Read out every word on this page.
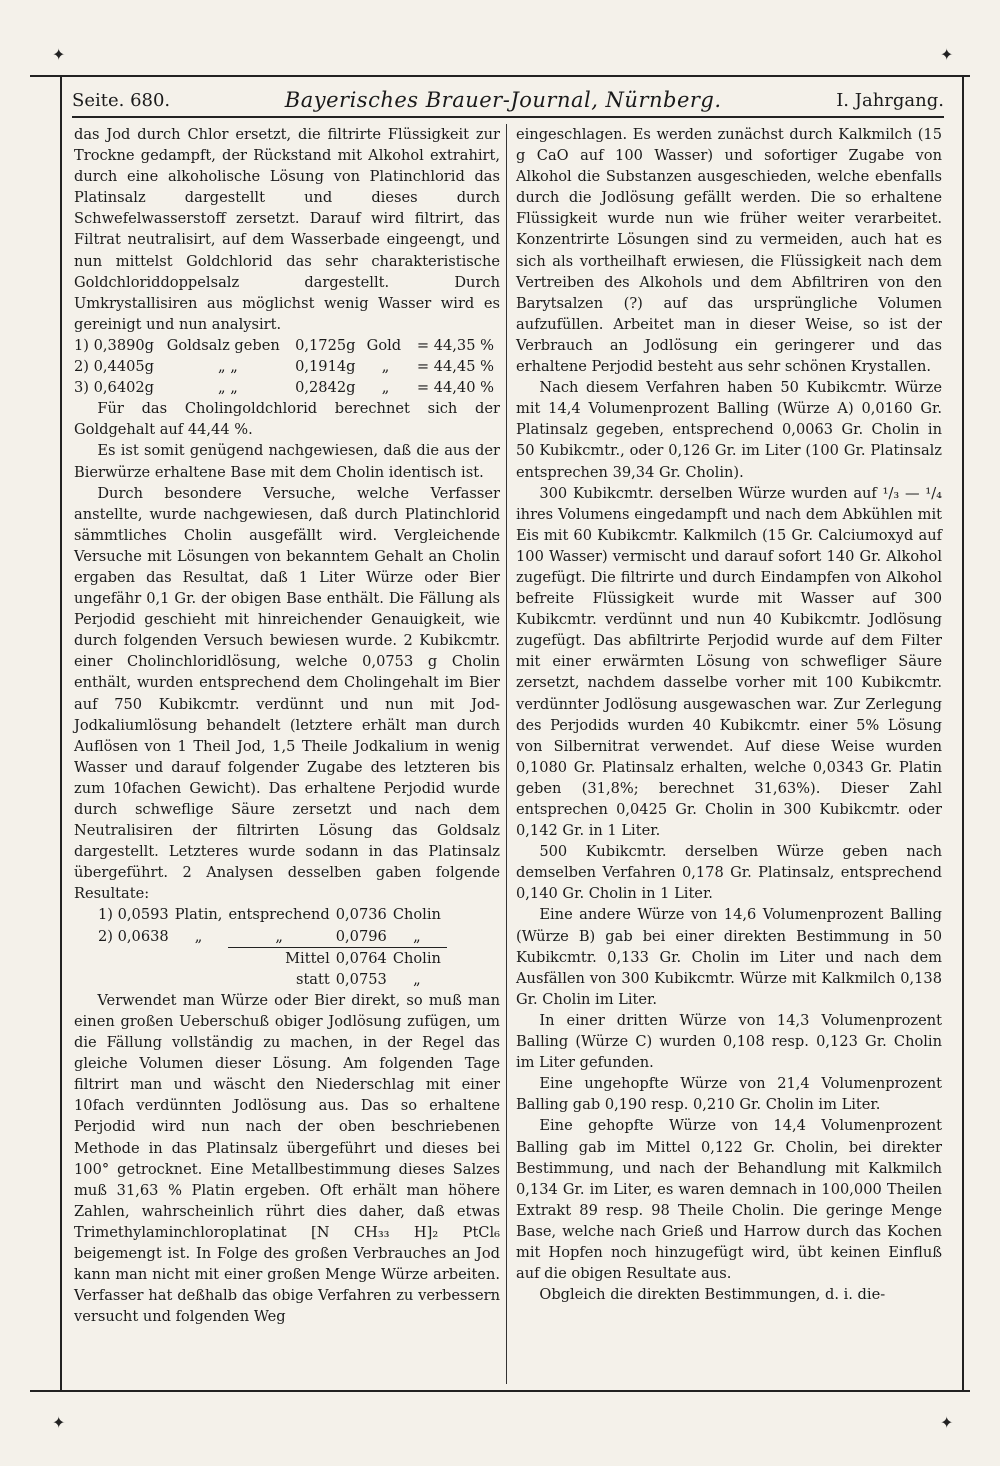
✦	✦
✦	✦
Seite. 680.	Bayerisches Brauer-Journal, Nürnberg.	I. Jahrgang.

das Jod durch Chlor ersetzt, die filtrirte Flüssigkeit zur Trockne gedampft, der Rückstand mit Alkohol extrahirt, durch eine alkoholische Lösung von Platinchlorid das Platinsalz dargestellt und dieses durch Schwefelwasserstoff zersetzt. Darauf wird filtrirt, das Filtrat neutralisirt, auf dem Wasserbade eingeengt, und nun mittelst Goldchlorid das sehr charakteristische Goldchloriddoppelsalz dargestellt. Durch Umkrystallisiren aus möglichst wenig Wasser wird es gereinigt und nun analysirt.

1) 0,3890g	Goldsalz geben	0,1725g	Gold	= 44,35 %
2) 0,4405g	„ „	0,1914g	„	= 44,45 %
3) 0,6402g	„ „	0,2842g	„	= 44,40 %

Für das Cholingoldchlorid berechnet sich der Goldgehalt auf 44,44 %.

Es ist somit genügend nachgewiesen, daß die aus der Bierwürze erhaltene Base mit dem Cholin identisch ist.

Durch besondere Versuche, welche Verfasser anstellte, wurde nachgewiesen, daß durch Platinchlorid sämmtliches Cholin ausgefällt wird. Vergleichende Versuche mit Lösungen von bekanntem Gehalt an Cholin ergaben das Resultat, daß 1 Liter Würze oder Bier ungefähr 0,1 Gr. der obigen Base enthält. Die Fällung als Perjodid geschieht mit hinreichender Genauigkeit, wie durch folgenden Versuch bewiesen wurde. 2 Kubikcmtr. einer Cholinchloridlösung, welche 0,0753 g Cholin enthält, wurden entsprechend dem Cholingehalt im Bier auf 750 Kubikcmtr. verdünnt und nun mit Jod-Jodkaliumlösung behandelt (letztere erhält man durch Auflösen von 1 Theil Jod, 1,5 Theile Jodkalium in wenig Wasser und darauf folgender Zugabe des letzteren bis zum 10fachen Gewicht). Das erhaltene Perjodid wurde durch schweflige Säure zersetzt und nach dem Neutralisiren der filtrirten Lösung das Goldsalz dargestellt. Letzteres wurde sodann in das Platinsalz übergeführt. 2 Analysen desselben gaben folgende Resultate:

1) 0,0593	Platin,	entsprechend	0,0736	Cholin
2) 0,0638	„	„	0,0796	„
		Mittel	0,0764	Cholin
		statt	0,0753	„

Verwendet man Würze oder Bier direkt, so muß man einen großen Ueberschuß obiger Jodlösung zufügen, um die Fällung vollständig zu machen, in der Regel das gleiche Volumen dieser Lösung. Am folgenden Tage filtrirt man und wäscht den Niederschlag mit einer 10fach verdünnten Jodlösung aus. Das so erhaltene Perjodid wird nun nach der oben beschriebenen Methode in das Platinsalz übergeführt und dieses bei 100° getrocknet. Eine Metallbestimmung dieses Salzes muß 31,63 % Platin ergeben. Oft erhält man höhere Zahlen, wahrscheinlich rührt dies daher, daß etwas Trimethylaminchloroplatinat [N CH₃₃ H]₂ PtCl₆ beigemengt ist. In Folge des großen Verbrauches an Jod kann man nicht mit einer großen Menge Würze arbeiten. Verfasser hat deßhalb das obige Verfahren zu verbessern versucht und folgenden Weg

eingeschlagen. Es werden zunächst durch Kalkmilch (15 g CaO auf 100 Wasser) und sofortiger Zugabe von Alkohol die Substanzen ausgeschieden, welche ebenfalls durch die Jodlösung gefällt werden. Die so erhaltene Flüssigkeit wurde nun wie früher weiter verarbeitet. Konzentrirte Lösungen sind zu vermeiden, auch hat es sich als vortheilhaft erwiesen, die Flüssigkeit nach dem Vertreiben des Alkohols und dem Abfiltriren von den Barytsalzen (?) auf das ursprüngliche Volumen aufzufüllen. Arbeitet man in dieser Weise, so ist der Verbrauch an Jodlösung ein geringerer und das erhaltene Perjodid besteht aus sehr schönen Krystallen.

Nach diesem Verfahren haben 50 Kubikcmtr. Würze mit 14,4 Volumenprozent Balling (Würze A) 0,0160 Gr. Platinsalz gegeben, entsprechend 0,0063 Gr. Cholin in 50 Kubikcmtr., oder 0,126 Gr. im Liter (100 Gr. Platinsalz entsprechen 39,34 Gr. Cholin).

300 Kubikcmtr. derselben Würze wurden auf ¹/₃ — ¹/₄ ihres Volumens eingedampft und nach dem Abkühlen mit Eis mit 60 Kubikcmtr. Kalkmilch (15 Gr. Calciumoxyd auf 100 Wasser) vermischt und darauf sofort 140 Gr. Alkohol zugefügt. Die filtrirte und durch Eindampfen von Alkohol befreite Flüssigkeit wurde mit Wasser auf 300 Kubikcmtr. verdünnt und nun 40 Kubikcmtr. Jodlösung zugefügt. Das abfiltrirte Perjodid wurde auf dem Filter mit einer erwärmten Lösung von schwefliger Säure zersetzt, nachdem dasselbe vorher mit 100 Kubikcmtr. verdünnter Jodlösung ausgewaschen war. Zur Zerlegung des Perjodids wurden 40 Kubikcmtr. einer 5% Lösung von Silbernitrat verwendet. Auf diese Weise wurden 0,1080 Gr. Platinsalz erhalten, welche 0,0343 Gr. Platin geben (31,8%; berechnet 31,63%). Dieser Zahl entsprechen 0,0425 Gr. Cholin in 300 Kubikcmtr. oder 0,142 Gr. in 1 Liter.

500 Kubikcmtr. derselben Würze geben nach demselben Verfahren 0,178 Gr. Platinsalz, entsprechend 0,140 Gr. Cholin in 1 Liter.

Eine andere Würze von 14,6 Volumenprozent Balling (Würze B) gab bei einer direkten Bestimmung in 50 Kubikcmtr. 0,133 Gr. Cholin im Liter und nach dem Ausfällen von 300 Kubikcmtr. Würze mit Kalkmilch 0,138 Gr. Cholin im Liter.

In einer dritten Würze von 14,3 Volumenprozent Balling (Würze C) wurden 0,108 resp. 0,123 Gr. Cholin im Liter gefunden.

Eine ungehopfte Würze von 21,4 Volumenprozent Balling gab 0,190 resp. 0,210 Gr. Cholin im Liter.

Eine gehopfte Würze von 14,4 Volumenprozent Balling gab im Mittel 0,122 Gr. Cholin, bei direkter Bestimmung, und nach der Behandlung mit Kalkmilch 0,134 Gr. im Liter, es waren demnach in 100,000 Theilen Extrakt 89 resp. 98 Theile Cholin. Die geringe Menge Base, welche nach Grieß und Harrow durch das Kochen mit Hopfen noch hinzugefügt wird, übt keinen Einfluß auf die obigen Resultate aus.

Obgleich die direkten Bestimmungen, d. i. die-
